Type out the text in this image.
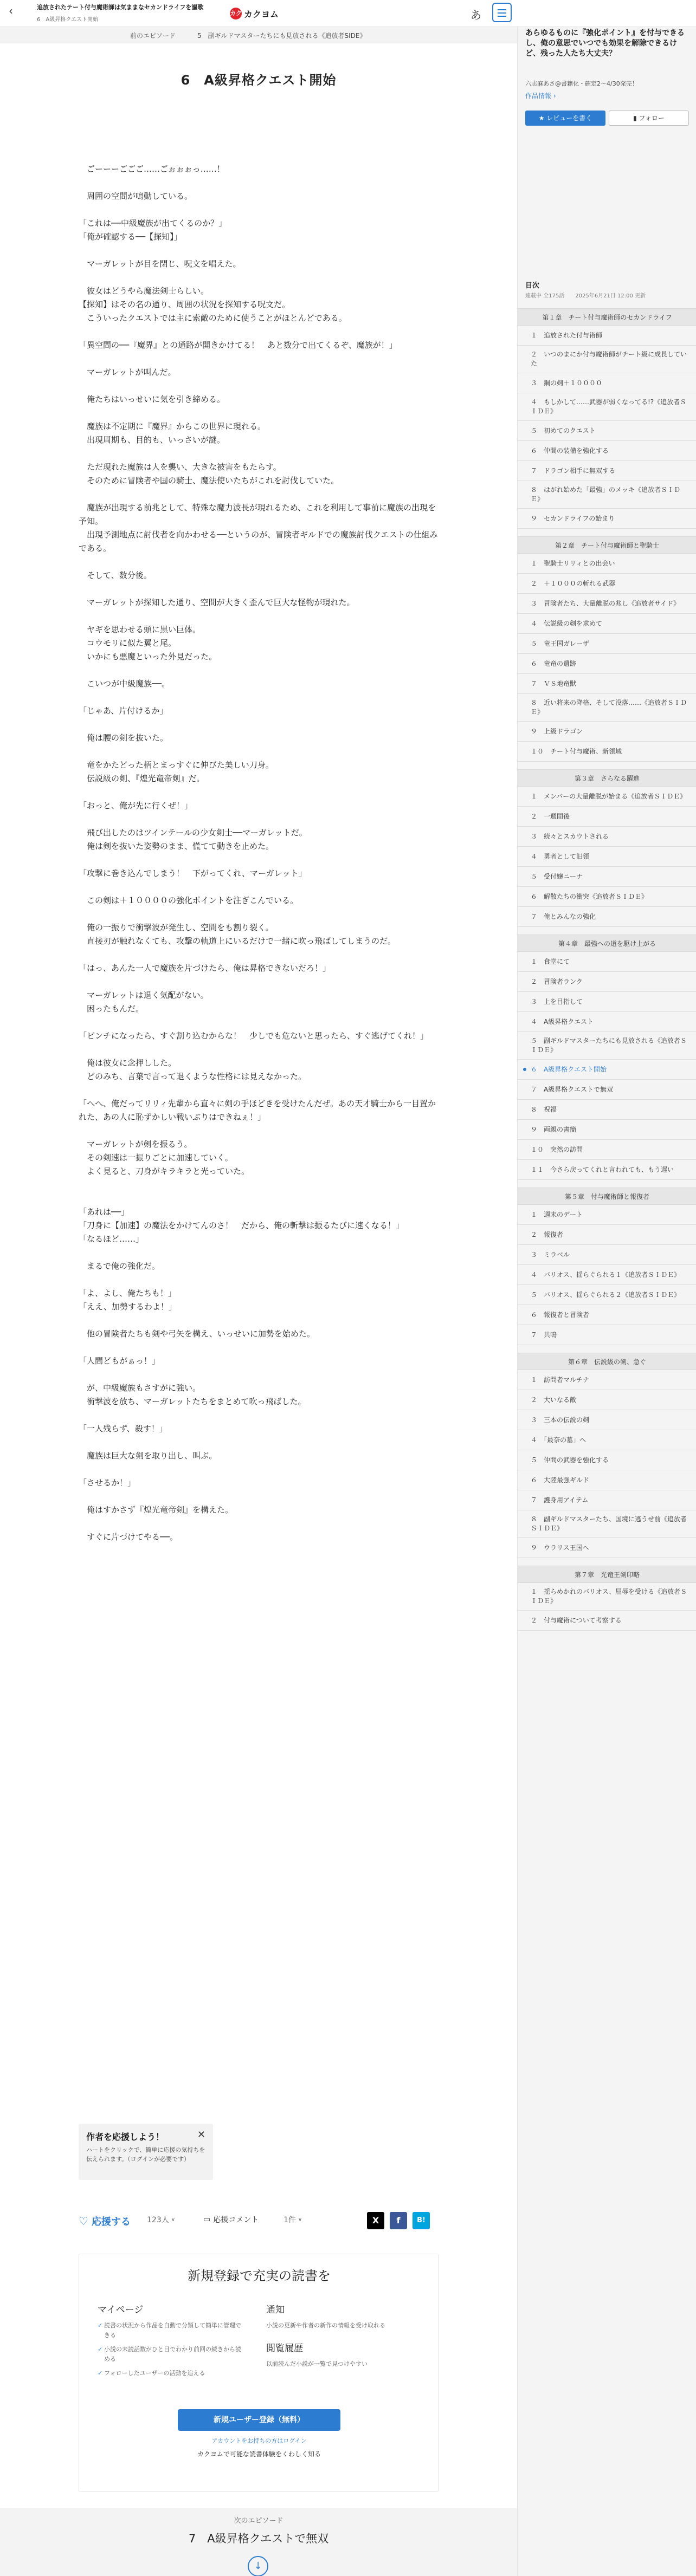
‹	追放されたテート付与魔術師は気ままなセカンドライフを謳歌
6　A級昇格クエスト開始
カク カクヨム	あ
前のエピソード	5　副ギルドマスターたちにも見放される《追放者SIDE》
6　A級昇格クエスト開始

　ごーーーごごご……ごぉぉぉっ……！

　周囲の空間が鳴動している。

「これは──中級魔族が出てくるのか？」

「俺が確認する──【探知】」

　マーガレットが目を閉じ、呪文を唱えた。

　彼女はどうやら魔法剣士らしい。

【探知】はその名の通り、周囲の状況を探知する呪文だ。

　こういったクエストでは主に索敵のために使うことがほとんどである。

「異空間の──『魔界』との通路が開きかけてる！　あと数分で出てくるぞ、魔族が！」

　マーガレットが叫んだ。

　俺たちはいっせいに気を引き締める。

　魔族は不定期に『魔界』からこの世界に現れる。

　出現周期も、目的も、いっさいが謎。

　ただ現れた魔族は人を襲い、大きな被害をもたらす。

　そのために冒険者や国の騎士、魔法使いたちがこれを討伐していた。

　魔族が出現する前兆として、特殊な魔力波長が現れるため、これを利用して事前に魔族の出現を予知。

　出現予測地点に討伐者を向かわせる──というのが、冒険者ギルドでの魔族討伐クエストの仕組みである。

　そして、数分後。

　マーガレットが探知した通り、空間が大きく歪んで巨大な怪物が現れた。

　ヤギを思わせる頭に黒い巨体。

　コウモリに似た翼と尾。

　いかにも悪魔といった外見だった。

　こいつが中級魔族──。

「じゃあ、片付けるか」

　俺は腰の剣を抜いた。

　竜をかたどった柄とまっすぐに伸びた美しい刀身。

　伝説級の剣、『煌光竜帝剣』だ。

「おっと、俺が先に行くぜ！」

　飛び出したのはツインテールの少女剣士──マーガレットだ。

　俺は剣を抜いた姿勢のまま、慌てて動きを止めた。

「攻撃に巻き込んでしまう！　下がってくれ、マーガレット」

　この剣は＋１００００の強化ポイントを注ぎこんでいる。

　俺の一振りで衝撃波が発生し、空間をも割り裂く。

　直接刃が触れなくても、攻撃の軌道上にいるだけで一緒に吹っ飛ばしてしまうのだ。

「はっ、あんた一人で魔族を片づけたら、俺は昇格できないだろ！」

　マーガレットは退く気配がない。

　困ったもんだ。

「ピンチになったら、すぐ割り込むからな！　少しでも危ないと思ったら、すぐ逃げてくれ！」

　俺は彼女に念押しした。

　どのみち、言葉で言って退くような性格には見えなかった。

「へへ、俺だってリリィ先輩から直々に剣の手ほどきを受けたんだぜ。あの天才騎士から一目置かれた、あの人に恥ずかしい戦いぶりはできねぇ！」

　マーガレットが剣を振るう。

　その剣速は一振りごとに加速していく。

　よく見ると、刀身がキラキラと光っていた。

「あれは──」

「刀身に【加速】の魔法をかけてんのさ！　だから、俺の斬撃は振るたびに速くなる！」

「なるほど……」

　まるで俺の強化だ。

「よ、よし、俺たちも！」

「ええ、加勢するわよ！」

　他の冒険者たちも剣や弓矢を構え、いっせいに加勢を始めた。

「人間どもがぁっ！」

　が、中級魔族もさすがに強い。

　衝撃波を放ち、マーガレットたちをまとめて吹っ飛ばした。

「一人残らず、殺す！」

　魔族は巨大な剣を取り出し、叫ぶ。

「させるか！」

　俺はすかさず『煌光竜帝剣』を構えた。

　すぐに片づけてやる──。

作者を応援しよう！	✕
ハートをクリックで、簡単に応援の気持ちを伝えられます。（ログインが必要です）
♡ 応援する 123人 ∨	▭ 応援コメント	1件 ∨	X	f	B!
新規登録で充実の読書を
マイページ
✓ 読書の状況から作品を自動で分類して簡単に管理できる
✓ 小説の未読話数がひと目でわかり前回の続きから読める
✓ フォローしたユーザーの活動を追える
通知
小説の更新や作者の新作の情報を受け取れる
閲覧履歴
以前読んだ小説が一覧で見つけやすい
新規ユーザー登録（無料）
アカウントをお持ちの方はログイン
カクヨムで可能な読書体験をくわしく知る
次のエピソード
7　A級昇格クエストで無双
↓
あらゆるものに『強化ポイント』を付与できるし、俺の意思でいつでも効果を解除できるけど、残った人たち大丈夫？
六志麻あさ@書籍化・確定2〜4/30発売！
作品情報 ›
★ レビューを書く	▮ フォロー
目次
連載中 全175話　　2025年6月21日 12:00 更新
第１章　チート付与魔術師のセカンドライフ
１　追放された付与術師
２　いつのまにか付与魔術師がチート級に成長していた
３　鋼の剣＋１００００
４　もしかして……武器が弱くなってる!?《追放者ＳＩＤＥ》
５　初めてのクエスト
６　仲間の装備を強化する
７　ドラゴン相手に無双する
８　はがれ始めた「最強」のメッキ《追放者ＳＩＤＥ》
９　セカンドライフの始まり
第２章　チート付与魔術師と聖騎士
１　聖騎士リリィとの出会い
２　＋１０００の斬れる武器
３　冒険者たち、大量離脱の兆し《追放者サイド》
４　伝説級の剣を求めて
５　竜王国ガレーザ
６　竜竜の遺跡
７　ＶＳ地竜獣
８　近い将来の降格、そして没落……《追放者ＳＩＤＥ》
９　上級ドラゴン
１０　チート付与魔術、新領域
第３章　さらなる躍進
１　メンバーの大量離脱が始まる《追放者ＳＩＤＥ》
２　一週間後
３　続々とスカウトされる
４　勇者として旧領
５　受付嬢ニーナ
６　解散たちの衝突《追放者ＳＩＤＥ》
７　俺とみんなの強化
第４章　最強への道を駆け上がる
１　食堂にて
２　冒険者ランク
３　上を目指して
４　A級昇格クエスト
５　副ギルドマスターたちにも見放される《追放者ＳＩＤＥ》
６　A級昇格クエスト開始
７　A級昇格クエストで無双
８　祝福
９　両親の書簡
１０　突然の訪問
１１　今さら戻ってくれと言われても、もう遅い
第５章　付与魔術師と報復者
１　週末のデート
２　報復者
３　ミラベル
４　バリオス、揺らぐられる１《追放者ＳＩＤＥ》
５　バリオス、揺らぐられる２《追放者ＳＩＤＥ》
６　報復者と冒険者
７　共鳴
第６章　伝説級の剣、急ぐ
１　訪問者マルチナ
２　大いなる敵
３　三本の伝説の剣
４　「最奈の墓」へ
５　仲間の武器を強化する
６　大陸最強ギルド
７　護身用アイテム
８　副ギルドマスターたち、国境に逃うせ前《追放者ＳＩＤＥ》
９　ウラリス王国へ
第７章　光竜王剣印略
１　揺らめかれのバリオス、屈辱を受ける《追放者ＳＩＤＥ》
２　付与魔術について考察する
